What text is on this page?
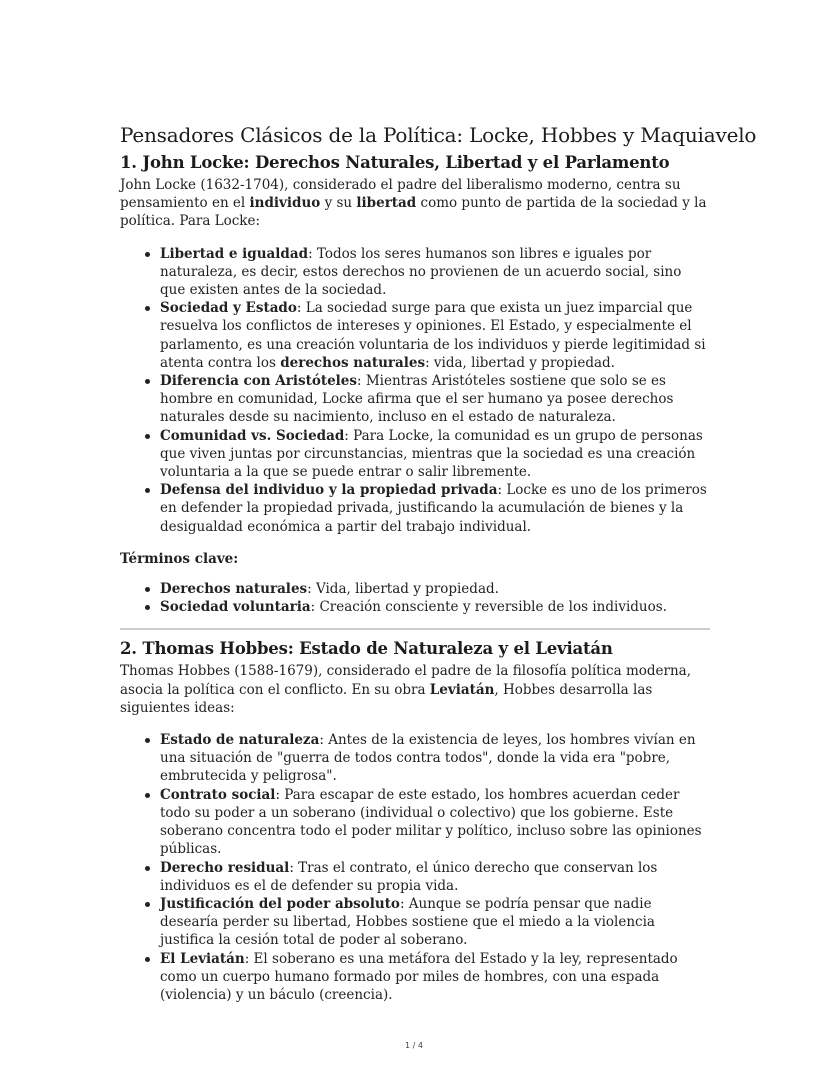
Pensadores Clásicos de la Política: Locke, Hobbes y Maquiavelo
1. John Locke: Derechos Naturales, Libertad y el Parlamento

John Locke (1632-1704), considerado el padre del liberalismo moderno, centra su pensamiento en el individuo y su libertad como punto de partida de la sociedad y la política. Para Locke:

Libertad e igualdad: Todos los seres humanos son libres e iguales por naturaleza, es decir, estos derechos no provienen de un acuerdo social, sino que existen antes de la sociedad.
Sociedad y Estado: La sociedad surge para que exista un juez imparcial que resuelva los conflictos de intereses y opiniones. El Estado, y especialmente el parlamento, es una creación voluntaria de los individuos y pierde legitimidad si atenta contra los derechos naturales: vida, libertad y propiedad.
Diferencia con Aristóteles: Mientras Aristóteles sostiene que solo se es hombre en comunidad, Locke afirma que el ser humano ya posee derechos naturales desde su nacimiento, incluso en el estado de naturaleza.
Comunidad vs. Sociedad: Para Locke, la comunidad es un grupo de personas que viven juntas por circunstancias, mientras que la sociedad es una creación voluntaria a la que se puede entrar o salir libremente.
Defensa del individuo y la propiedad privada: Locke es uno de los primeros en defender la propiedad privada, justificando la acumulación de bienes y la desigualdad económica a partir del trabajo individual.

Términos clave:

Derechos naturales: Vida, libertad y propiedad.
Sociedad voluntaria: Creación consciente y reversible de los individuos.
2. Thomas Hobbes: Estado de Naturaleza y el Leviatán

Thomas Hobbes (1588-1679), considerado el padre de la filosofía política moderna, asocia la política con el conflicto. En su obra Leviatán, Hobbes desarrolla las siguientes ideas:

Estado de naturaleza: Antes de la existencia de leyes, los hombres vivían en una situación de "guerra de todos contra todos", donde la vida era "pobre, embrutecida y peligrosa".
Contrato social: Para escapar de este estado, los hombres acuerdan ceder todo su poder a un soberano (individual o colectivo) que los gobierne. Este soberano concentra todo el poder militar y político, incluso sobre las opiniones públicas.
Derecho residual: Tras el contrato, el único derecho que conservan los individuos es el de defender su propia vida.
Justificación del poder absoluto: Aunque se podría pensar que nadie desearía perder su libertad, Hobbes sostiene que el miedo a la violencia justifica la cesión total de poder al soberano.
El Leviatán: El soberano es una metáfora del Estado y la ley, representado como un cuerpo humano formado por miles de hombres, con una espada (violencia) y un báculo (creencia).
1 / 4
